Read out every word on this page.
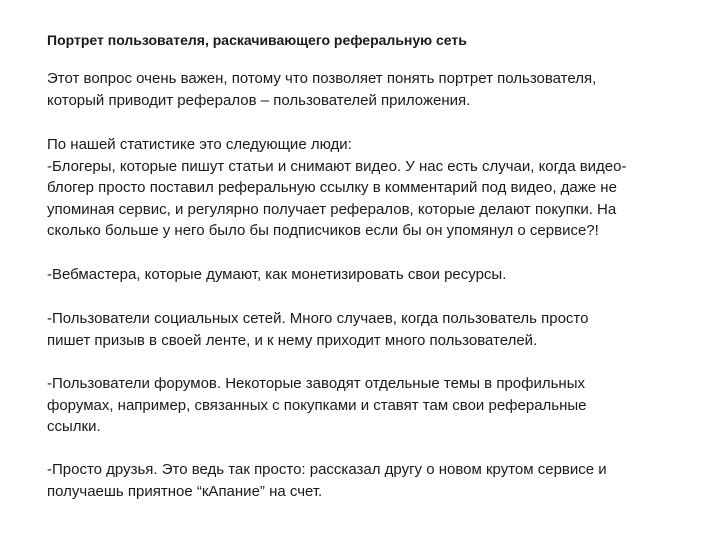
Портрет пользователя, раскачивающего реферальную сеть
Этот вопрос очень важен, потому что позволяет понять портрет пользователя,
который приводит рефералов – пользователей приложения.
По нашей статистике это следующие люди:
-Блогеры, которые пишут статьи и снимают видео. У нас есть случаи, когда видео-
блогер просто поставил реферальную ссылку в комментарий под видео, даже не
упоминая сервис, и регулярно получает рефералов, которые делают покупки. На
сколько больше у него было бы подписчиков если бы он упомянул о сервисе?!
-Вебмастера, которые думают, как монетизировать свои ресурсы.
-Пользователи социальных сетей. Много случаев, когда пользователь просто
пишет призыв в своей ленте, и к нему приходит много пользователей.
-Пользователи форумов. Некоторые заводят отдельные темы в профильных
форумах, например, связанных с покупками и ставят там свои реферальные
ссылки.
-Просто друзья. Это ведь так просто: рассказал другу о новом крутом сервисе и
получаешь приятное “кАпание” на счет.
